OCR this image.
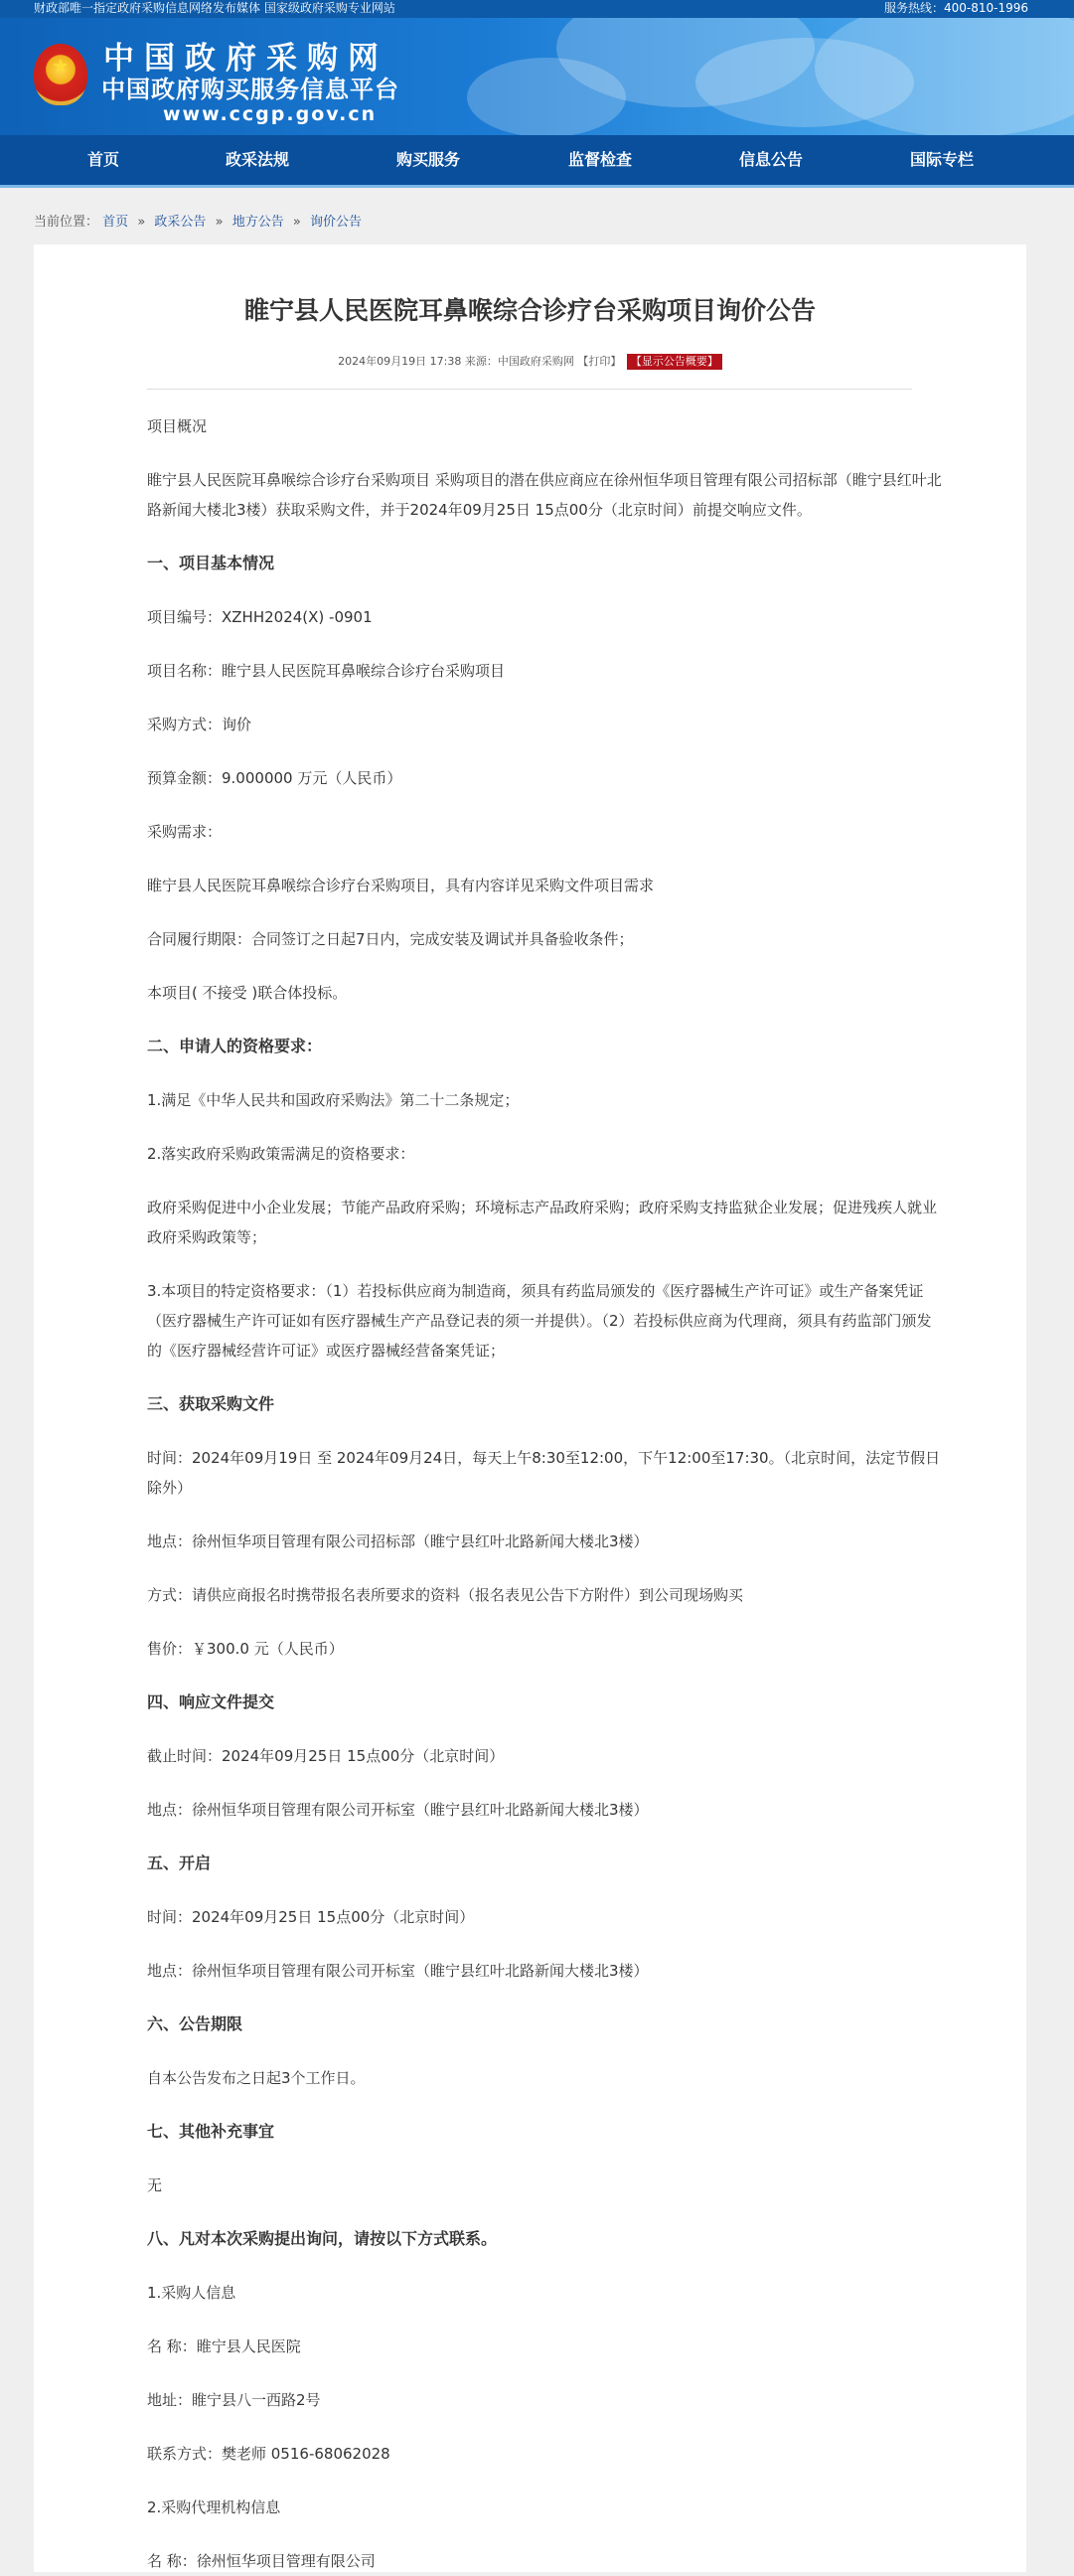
财政部唯一指定政府采购信息网络发布媒体 国家级政府采购专业网站	服务热线：400-810-1996
★	中国政府采购网
中国政府购买服务信息平台
www.ccgp.gov.cn
首页	政采法规	购买服务	监督检查	信息公告	国际专栏
当前位置： 首页 » 政采公告 » 地方公告 » 询价公告
睢宁县人民医院耳鼻喉综合诊疗台采购项目询价公告
2024年09月19日 17:38 来源：中国政府采购网 【打印】 【显示公告概要】
项目概况
睢宁县人民医院耳鼻喉综合诊疗台采购项目 采购项目的潜在供应商应在徐州恒华项目管理有限公司招标部（睢宁县红叶北路新闻大楼北3楼）获取采购文件，并于2024年09月25日 15点00分（北京时间）前提交响应文件。
一、项目基本情况
项目编号：XZHH2024(X) -0901
项目名称：睢宁县人民医院耳鼻喉综合诊疗台采购项目
采购方式：询价
预算金额：9.000000 万元（人民币）
采购需求：
睢宁县人民医院耳鼻喉综合诊疗台采购项目，具有内容详见采购文件项目需求
合同履行期限：合同签订之日起7日内，完成安装及调试并具备验收条件；
本项目( 不接受 )联合体投标。
二、申请人的资格要求：
1.满足《中华人民共和国政府采购法》第二十二条规定；
2.落实政府采购政策需满足的资格要求：
政府采购促进中小企业发展；节能产品政府采购；环境标志产品政府采购；政府采购支持监狱企业发展；促进残疾人就业政府采购政策等；
3.本项目的特定资格要求：（1）若投标供应商为制造商，须具有药监局颁发的《医疗器械生产许可证》或生产备案凭证（医疗器械生产许可证如有医疗器械生产产品登记表的须一并提供）。（2）若投标供应商为代理商，须具有药监部门颁发的《医疗器械经营许可证》或医疗器械经营备案凭证；
三、获取采购文件
时间：2024年09月19日 至 2024年09月24日，每天上午8:30至12:00，下午12:00至17:30。（北京时间，法定节假日除外）
地点：徐州恒华项目管理有限公司招标部（睢宁县红叶北路新闻大楼北3楼）
方式：请供应商报名时携带报名表所要求的资料（报名表见公告下方附件）到公司现场购买
售价：￥300.0 元（人民币）
四、响应文件提交
截止时间：2024年09月25日 15点00分（北京时间）
地点：徐州恒华项目管理有限公司开标室（睢宁县红叶北路新闻大楼北3楼）
五、开启
时间：2024年09月25日 15点00分（北京时间）
地点：徐州恒华项目管理有限公司开标室（睢宁县红叶北路新闻大楼北3楼）
六、公告期限
自本公告发布之日起3个工作日。
七、其他补充事宜
无
八、凡对本次采购提出询问，请按以下方式联系。
1.采购人信息
名 称：睢宁县人民医院
地址：睢宁县八一西路2号
联系方式：樊老师 0516-68062028
2.采购代理机构信息
名 称：徐州恒华项目管理有限公司
